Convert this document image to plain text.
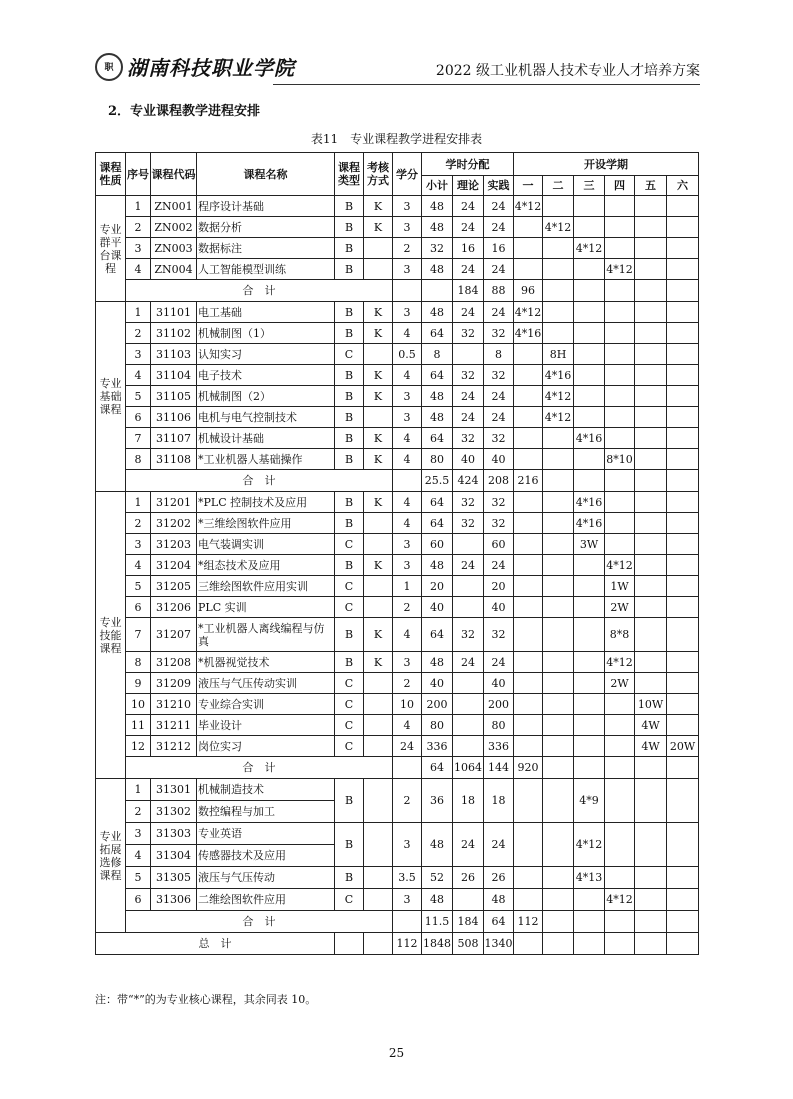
职 湖南科技职业学院	2022 级工业机器人技术专业人才培养方案
2．专业课程教学进程安排
表11　专业课程教学进程安排表
课程性质	序号	课程代码	课程名称	课程类型	考核方式	学分	学时分配			开设学期						
							小计	理论	实践	一	二	三	四	五	六	
专业群平台课程	1	ZN001	程序设计基础	B	K	3	48	24	24	4*12						
	2	ZN002	数据分析	B	K	3	48	24	24		4*12					
	3	ZN003	数据标注	B		2	32	16	16			4*12				
	4	ZN004	人工智能模型训练	B		3	48	24	24				4*12			
	合　计							184	88	96						
专业基础课程	1	31101	电工基础	B	K	3	48	24	24	4*12						
	2	31102	机械制图（1）	B	K	4	64	32	32	4*16						
	3	31103	认知实习	C		0.5	8		8		8H					
	4	31104	电子技术	B	K	4	64	32	32		4*16					
	5	31105	机械制图（2）	B	K	3	48	24	24		4*12					
	6	31106	电机与电气控制技术	B		3	48	24	24		4*12					
	7	31107	机械设计基础	B	K	4	64	32	32			4*16				
	8	31108	*工业机器人基础操作	B	K	4	80	40	40				8*10			
	合　计						25.5	424	208	216						
专业技能课程	1	31201	*PLC 控制技术及应用	B	K	4	64	32	32			4*16				
	2	31202	*三维绘图软件应用	B		4	64	32	32			4*16				
	3	31203	电气装调实训	C		3	60		60			3W				
	4	31204	*组态技术及应用	B	K	3	48	24	24				4*12			
	5	31205	三维绘图软件应用实训	C		1	20		20				1W			
	6	31206	PLC 实训	C		2	40		40				2W			
	7	31207	*工业机器人离线编程与仿真	B	K	4	64	32	32				8*8			
	8	31208	*机器视觉技术	B	K	3	48	24	24				4*12			
	9	31209	液压与气压传动实训	C		2	40		40				2W			
	10	31210	专业综合实训	C		10	200		200					10W		
	11	31211	毕业设计	C		4	80		80					4W		
	12	31212	岗位实习	C		24	336		336					4W	20W	
	合　计						64	1064	144	920						
专业拓展选修课程	1	31301	机械制造技术	B		2	36	18	18			4*9				
	2	31302	数控编程与加工													
	3	31303	专业英语	B		3	48	24	24			4*12				
	4	31304	传感器技术及应用													
	5	31305	液压与气压传动	B		3.5	52	26	26			4*13				
	6	31306	二维绘图软件应用	C		3	48		48				4*12			
	合　计						11.5	184	64	112						
总　计						112	1848	508	1340							
注：带“*”的为专业核心课程，其余同表 10。
25
